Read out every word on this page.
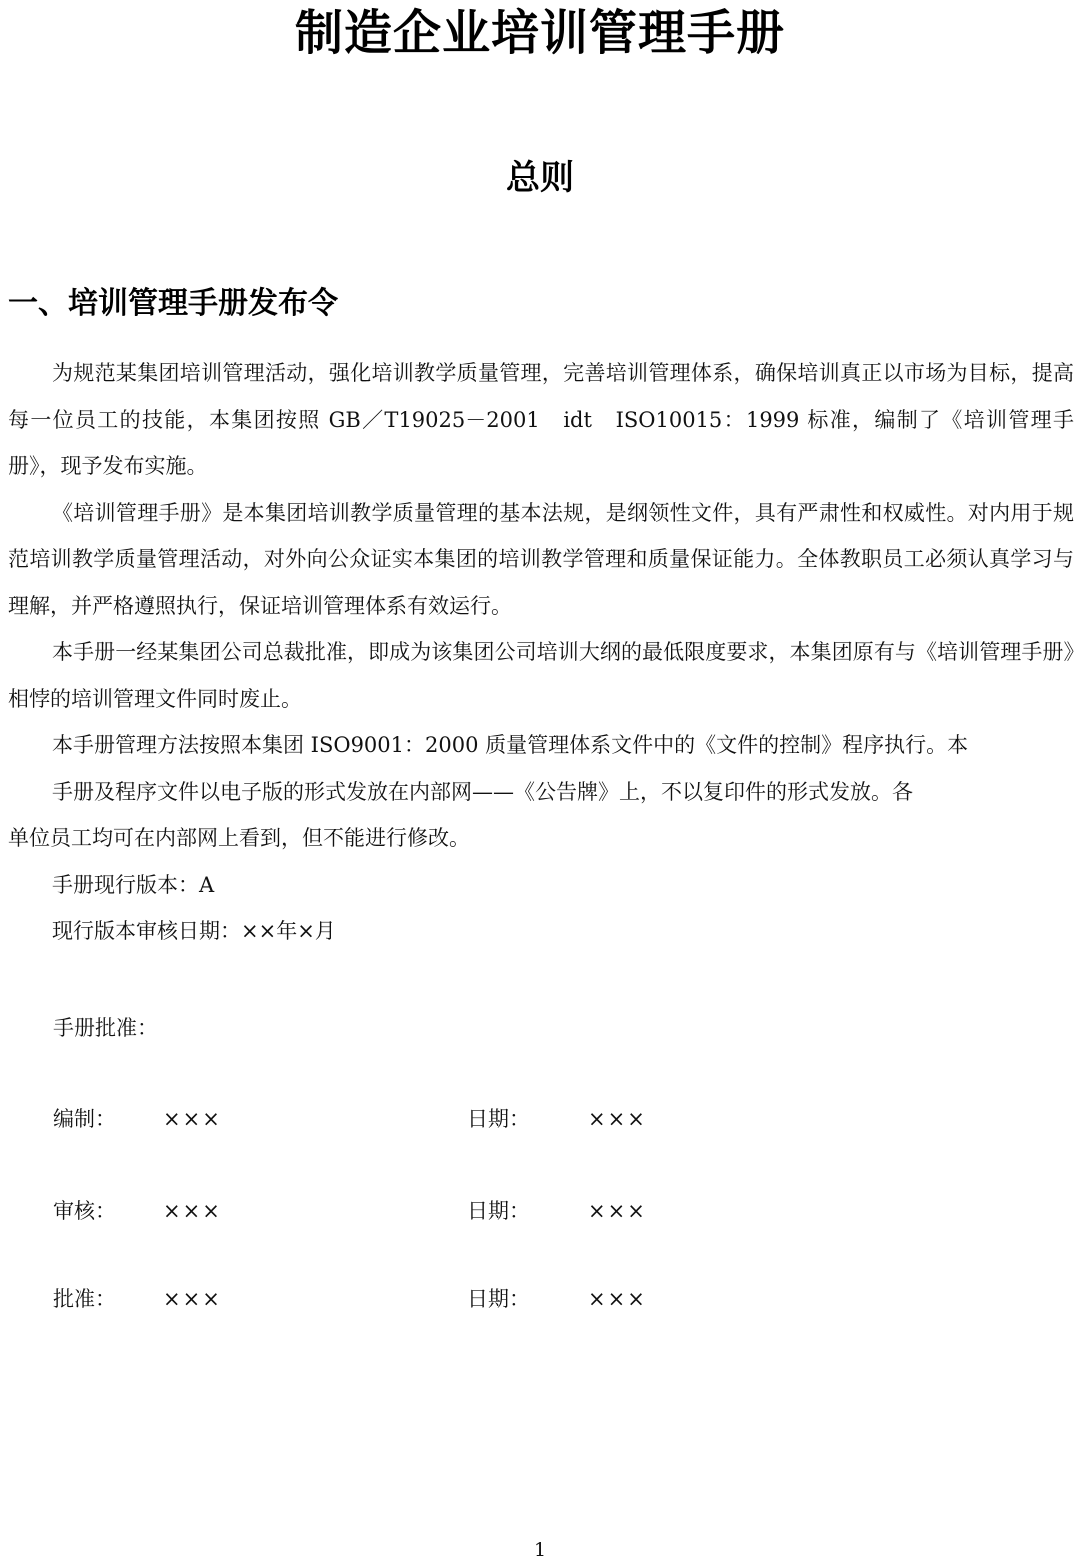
制造企业培训管理手册
总则
一、培训管理手册发布令

为规范某集团培训管理活动，强化培训教学质量管理，完善培训管理体系，确保培训真正以市场为目标，提高每一位员工的技能，本集团按照 GB／T19025－2001　idt　ISO10015：1999 标准，编制了《培训管理手册》，现予发布实施。

《培训管理手册》是本集团培训教学质量管理的基本法规，是纲领性文件，具有严肃性和权威性。对内用于规范培训教学质量管理活动，对外向公众证实本集团的培训教学管理和质量保证能力。全体教职员工必须认真学习与理解，并严格遵照执行，保证培训管理体系有效运行。

本手册一经某集团公司总裁批准，即成为该集团公司培训大纲的最低限度要求，本集团原有与《培训管理手册》相悖的培训管理文件同时废止。

本手册管理方法按照本集团 ISO9001：2000 质量管理体系文件中的《文件的控制》程序执行。本
手册及程序文件以电子版的形式发放在内部网——《公告牌》上，不以复印件的形式发放。各
单位员工均可在内部网上看到，但不能进行修改。

手册现行版本：A

现行版本审核日期：××年×月

手册批准：
编制： ×××	日期：	×××
审核： ×××	日期：	×××
批准： ×××	日期：	×××
1
